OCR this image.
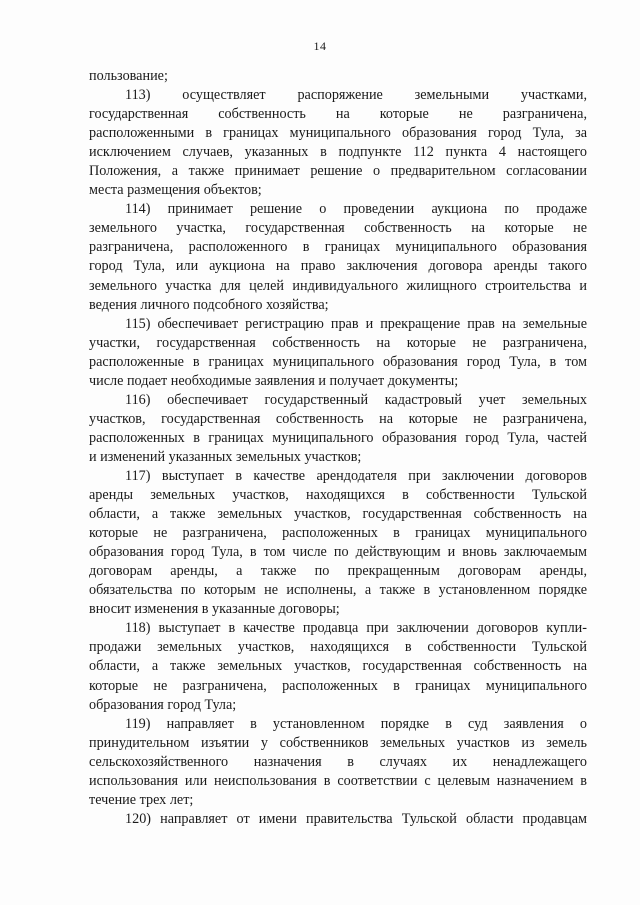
14
пользование;
113) осуществляет распоряжение земельными участками,
государственная собственность на которые не разграничена,
расположенными в границах муниципального образования город Тула, за
исключением случаев, указанных в подпункте 112 пункта 4 настоящего
Положения, а также принимает решение о предварительном согласовании
места размещения объектов;
114) принимает решение о проведении аукциона по продаже
земельного участка, государственная собственность на которые не
разграничена, расположенного в границах муниципального образования
город Тула, или аукциона на право заключения договора аренды такого
земельного участка для целей индивидуального жилищного строительства и
ведения личного подсобного хозяйства;
115) обеспечивает регистрацию прав и прекращение прав на земельные
участки, государственная собственность на которые не разграничена,
расположенные в границах муниципального образования город Тула, в том
числе подает необходимые заявления и получает документы;
116) обеспечивает государственный кадастровый учет земельных
участков, государственная собственность на которые не разграничена,
расположенных в границах муниципального образования город Тула, частей
и изменений указанных земельных участков;
117) выступает в качестве арендодателя при заключении договоров
аренды земельных участков, находящихся в собственности Тульской
области, а также земельных участков, государственная собственность на
которые не разграничена, расположенных в границах муниципального
образования город Тула, в том числе по действующим и вновь заключаемым
договорам аренды, а также по прекращенным договорам аренды,
обязательства по которым не исполнены, а также в установленном порядке
вносит изменения в указанные договоры;
118) выступает в качестве продавца при заключении договоров купли-
продажи земельных участков, находящихся в собственности Тульской
области, а также земельных участков, государственная собственность на
которые не разграничена, расположенных в границах муниципального
образования город Тула;
119) направляет в установленном порядке в суд заявления о
принудительном изъятии у собственников земельных участков из земель
сельскохозяйственного назначения в случаях их ненадлежащего
использования или неиспользования в соответствии с целевым назначением в
течение трех лет;
120) направляет от имени правительства Тульской области продавцам
